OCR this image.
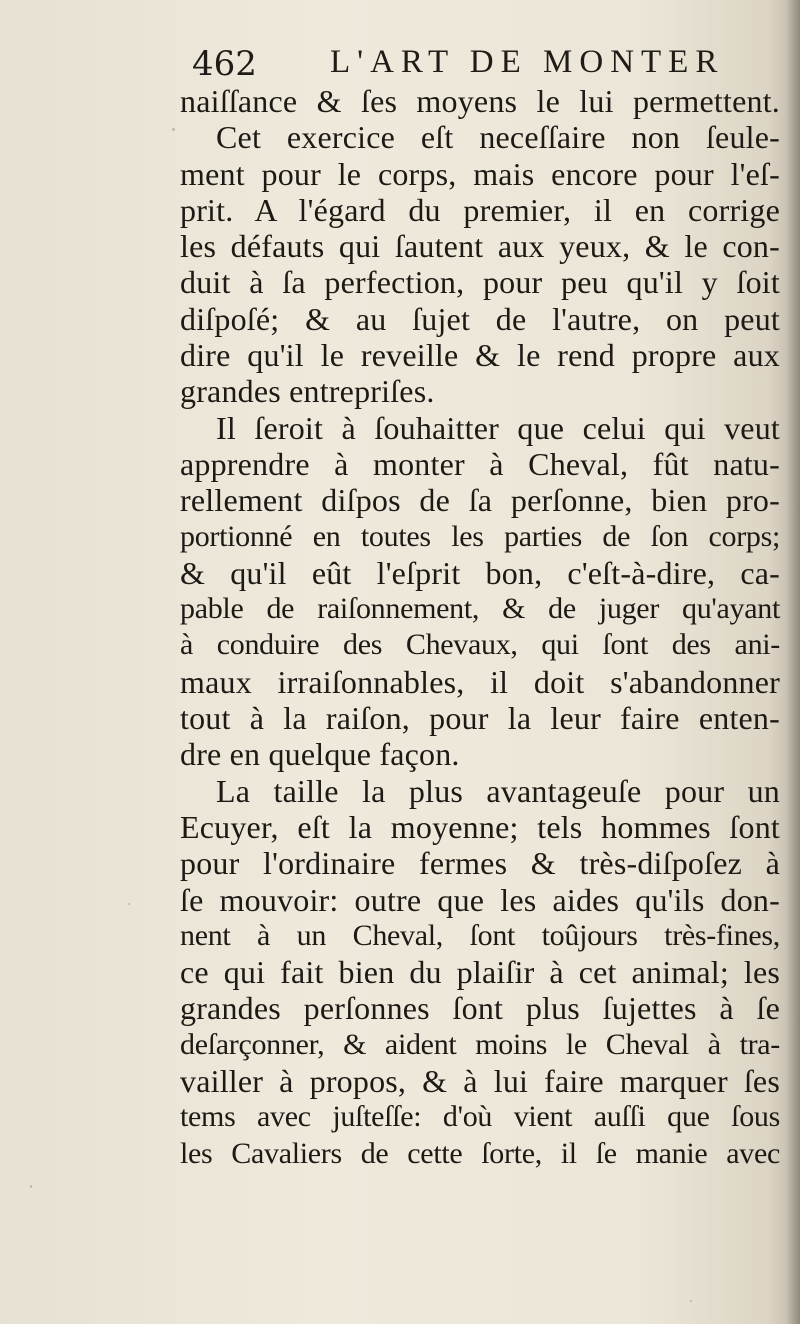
462 L'ART DE MONTER
naiſſance & ſes moyens le lui permettent.
Cet exercice eſt neceſſaire non ſeule-
ment pour le corps, mais encore pour l'eſ-
prit. A l'égard du premier, il en corrige
les défauts qui ſautent aux yeux, & le con-
duit à ſa perfection, pour peu qu'il y ſoit
diſpoſé; & au ſujet de l'autre, on peut
dire qu'il le reveille & le rend propre aux
grandes entrepriſes.
Il ſeroit à ſouhaitter que celui qui veut
apprendre à monter à Cheval, fût natu-
rellement diſpos de ſa perſonne, bien pro-
portionné en toutes les parties de ſon corps;
& qu'il eût l'eſprit bon, c'eſt-à-dire, ca-
pable de raiſonnement, & de juger qu'ayant
à conduire des Chevaux, qui ſont des ani-
maux irraiſonnables, il doit s'abandonner
tout à la raiſon, pour la leur faire enten-
dre en quelque façon.
La taille la plus avantageuſe pour un
Ecuyer, eſt la moyenne; tels hommes ſont
pour l'ordinaire fermes & très-diſpoſez à
ſe mouvoir: outre que les aides qu'ils don-
nent à un Cheval, ſont toûjours très-fines,
ce qui fait bien du plaiſir à cet animal; les
grandes perſonnes ſont plus ſujettes à ſe
deſarçonner, & aident moins le Cheval à tra-
vailler à propos, & à lui faire marquer ſes
tems avec juſteſſe: d'où vient auſſi que ſous
les Cavaliers de cette ſorte, il ſe manie avec
